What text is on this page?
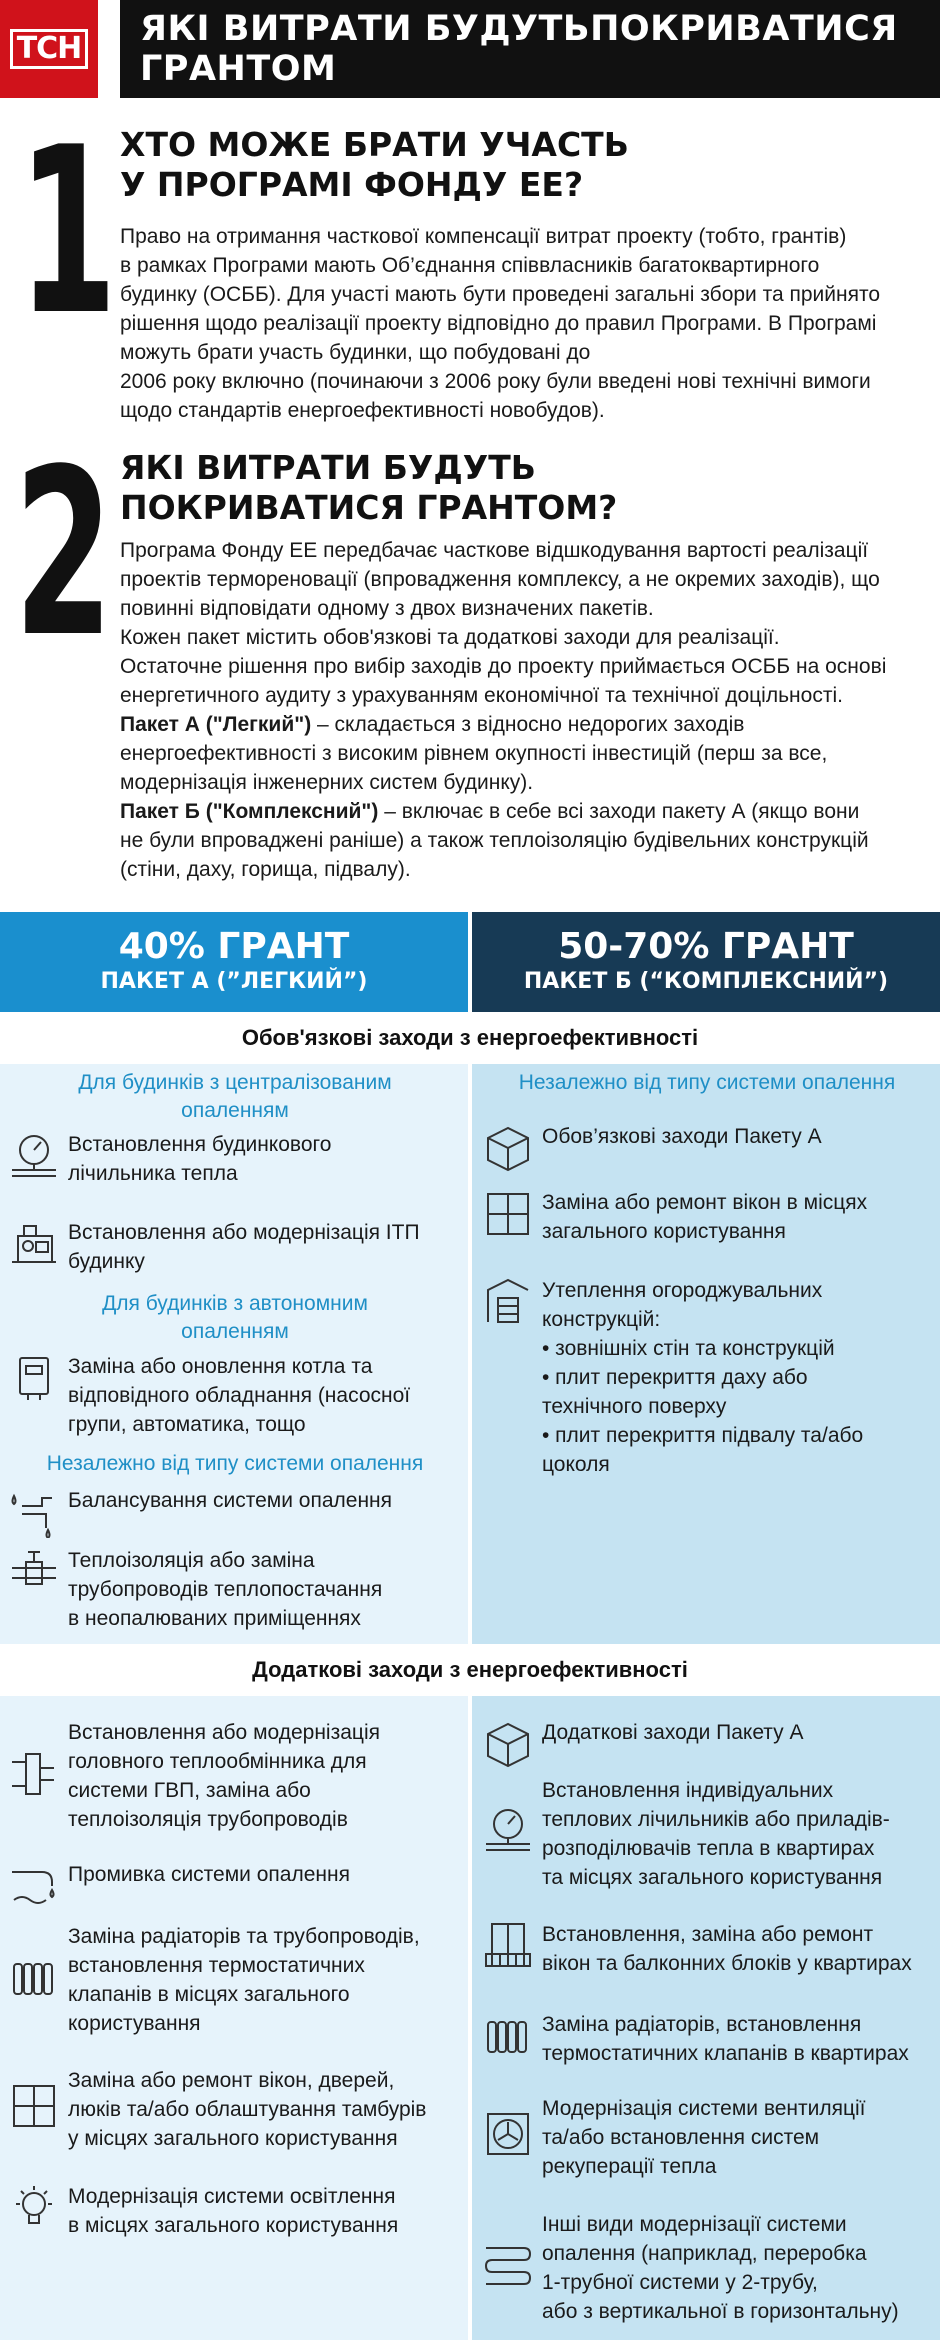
ТСН ЯКІ ВИТРАТИ БУДУТЬПОКРИВАТИСЯ
ГРАНТОМ
1 ХТО МОЖЕ БРАТИ УЧАСТЬ
У ПРОГРАМІ ФОНДУ ЕЕ?

Право на отримання часткової компенсації витрат проекту (тобто, грантів)

в рамках Програми мають Об’єднання співвласників багатоквартирного

будинку (ОСББ). Для участі мають бути проведені загальні збори та прийнято

рішення щодо реалізації проекту відповідно до правил Програми. В Програмі

можуть брати участь будинки, що побудовані до

2006 року включно (починаючи з 2006 року були введені нові технічні вимоги

щодо стандартів енергоефективності новобудов).

2 ЯКІ ВИТРАТИ БУДУТЬ
ПОКРИВАТИСЯ ГРАНТОМ?

Програма Фонду ЕЕ передбачає часткове відшкодування вартості реалізації

проектів термореновації (впровадження комплексу, а не окремих заходів), що

повинні відповідати одному з двох визначених пакетів.

Кожен пакет містить обов'язкові та додаткові заходи для реалізації.

Остаточне рішення про вибір заходів до проекту приймається ОСББ на основі

енергетичного аудиту з урахуванням економічної та технічної доцільності.

Пакет А ("Легкий") – складається з відносно недорогих заходів

енергоефективності з високим рівнем окупності інвестицій (перш за все,

модернізація інженерних систем будинку).

Пакет Б ("Комплексний") – включає в себе всі заходи пакету А (якщо вони

не були впроваджені раніше) а також теплоізоляцію будівельних конструкцій

(стіни, даху, горища, підвалу).

40% ГРАНТ
ПАКЕТ А (”ЛЕГКИЙ”)
50-70% ГРАНТ
ПАКЕТ Б (“КОМПЛЕКСНИЙ”)
Обов'язкові заходи з енергоефективності
Для будинків з централізованим
опаленням
Встановлення будинкового
лічильника тепла
Встановлення або модернізація ІТП
будинку
Для будинків з автономним
опаленням
Заміна або оновлення котла та
відповідного обладнання (насосної
групи, автоматика, тощо
Незалежно від типу системи опалення
Балансування системи опалення
Теплоізоляція або заміна
трубопроводів теплопостачання
в неопалюваних приміщеннях
Незалежно від типу системи опалення
Обов’язкові заходи Пакету А
Заміна або ремонт вікон в місцях
загального користування
Утеплення огороджувальних
конструкцій:
• зовнішніх стін та конструкцій
• плит перекриття даху або
технічного поверху
• плит перекриття підвалу та/або
цоколя
Додаткові заходи з енергоефективності
Встановлення або модернізація
головного теплообмінника для
системи ГВП, заміна або
теплоізоляція трубопроводів
Промивка системи опалення
Заміна радіаторів та трубопроводів,
встановлення термостатичних
клапанів в місцях загального
користування
Заміна або ремонт вікон, дверей,
люків та/або облаштування тамбурів
у місцях загального користування
Модернізація системи освітлення
в місцях загального користування
Додаткові заходи Пакету А
Встановлення індивідуальних
теплових лічильників або приладів-
розподілювачів тепла в квартирах
та місцях загального користування
Встановлення, заміна або ремонт
вікон та балконних блоків у квартирах
Заміна радіаторів, встановлення
термостатичних клапанів в квартирах
Модернізація системи вентиляції
та/або встановлення систем
рекуперації тепла
Інші види модернізації системи
опалення (наприклад, переробка
1-трубної системи у 2-трубу,
або з вертикальної в горизонтальну)
